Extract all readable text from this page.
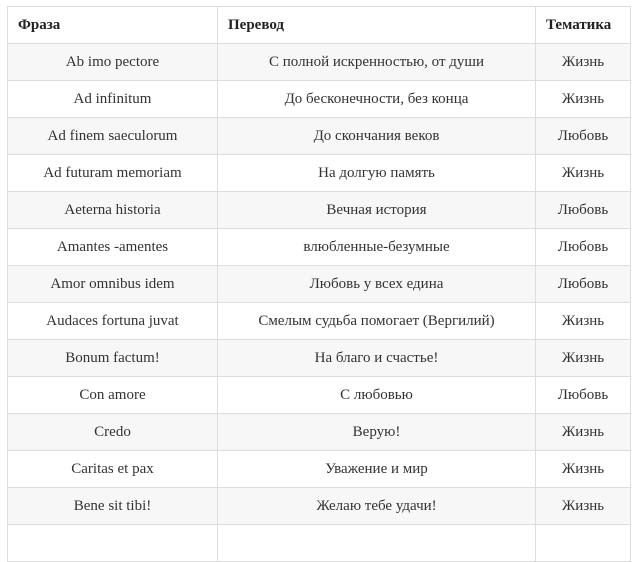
Фраза	Перевод	Тематика
Ab imo pectore	С полной искренностью, от души	Жизнь
Ad infinitum	До бесконечности, без конца	Жизнь
Ad finem saeculorum	До скончания веков	Любовь
Ad futuram memoriam	На долгую память	Жизнь
Aeterna historia	Вечная история	Любовь
Amantes -amentes	влюбленные-безумные	Любовь
Amor omnibus idem	Любовь у всех едина	Любовь
Audaces fortuna juvat	Смелым судьба помогает (Вергилий)	Жизнь
Bonum factum!	На благо и счастье!	Жизнь
Con amore	С любовью	Любовь
Credo	Верую!	Жизнь
Caritas et pax	Уважение и мир	Жизнь
Bene sit tibi!	Желаю тебе удачи!	Жизнь
